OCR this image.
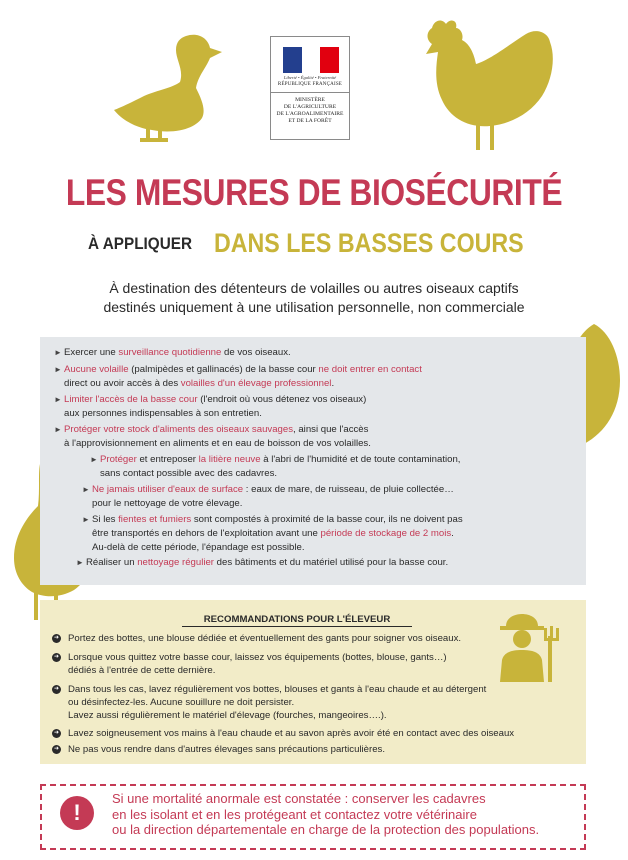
Liberté • Égalité • Fraternité
RÉPUBLIQUE FRANÇAISE
MINISTÈRE
DE L'AGRICULTURE
DE L'AGROALIMENTAIRE
ET DE LA FORÊT
LES MESURES DE BIOSÉCURITÉ
À APPLIQUER DANS LES BASSES COURS
À destination des détenteurs de volailles ou autres oiseaux captifs
destinés uniquement à une utilisation personnelle, non commerciale
► Exercer une surveillance quotidienne de vos oiseaux.
► Aucune volaille (palmipèdes et gallinacés) de la basse cour ne doit entrer en contact
direct ou avoir accès à des volailles d'un élevage professionnel.
► Limiter l'accès de la basse cour (l'endroit où vous détenez vos oiseaux)
aux personnes indispensables à son entretien.
► Protéger votre stock d'aliments des oiseaux sauvages, ainsi que l'accès
à l'approvisionnement en aliments et en eau de boisson de vos volailles.
► Protéger et entreposer la litière neuve à l'abri de l'humidité et de toute contamination,
sans contact possible avec des cadavres.
► Ne jamais utiliser d'eaux de surface : eaux de mare, de ruisseau, de pluie collectée…
pour le nettoyage de votre élevage.
► Si les fientes et fumiers sont compostés à proximité de la basse cour, ils ne doivent pas
être transportés en dehors de l'exploitation avant une période de stockage de 2 mois.
Au-delà de cette période, l'épandage est possible.
► Réaliser un nettoyage régulier des bâtiments et du matériel utilisé pour la basse cour.
RECOMMANDATIONS POUR L'ÉLEVEUR
➜ Portez des bottes, une blouse dédiée et éventuellement des gants pour soigner vos oiseaux.
➜ Lorsque vous quittez votre basse cour, laissez vos équipements (bottes, blouse, gants…)
dédiés à l'entrée de cette dernière.
➜ Dans tous les cas, lavez régulièrement vos bottes, blouses et gants à l'eau chaude et au détergent
ou désinfectez-les. Aucune souillure ne doit persister.
Lavez aussi régulièrement le matériel d'élevage (fourches, mangeoires….).
➜ Lavez soigneusement vos mains à l'eau chaude et au savon après avoir été en contact avec des oiseaux
➜ Ne pas vous rendre dans d'autres élevages sans précautions particulières.
!
Si une mortalité anormale est constatée : conserver les cadavres
en les isolant et en les protégeant et contactez votre vétérinaire
ou la direction départementale en charge de la protection des populations.
